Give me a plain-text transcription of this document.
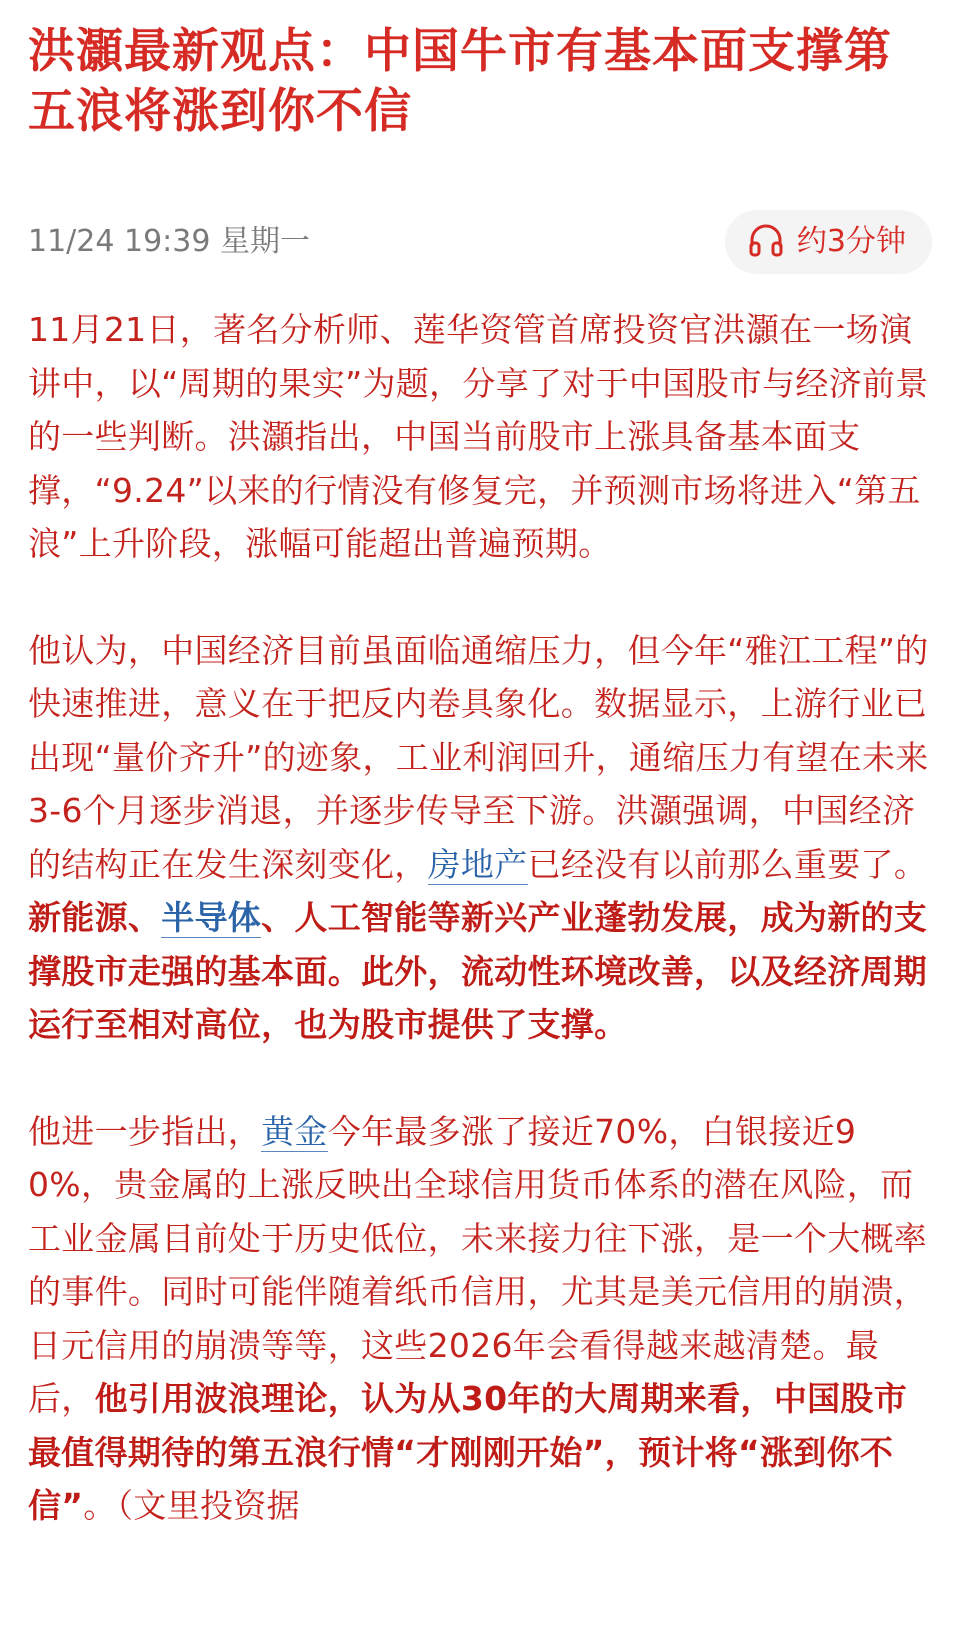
洪灝最新观点：中国牛市有基本面支撑第五浪将涨到你不信
11/24 19:39 星期一	约3分钟

11月21日，著名分析师、莲华资管首席投资官洪灝在一场演讲中，以“周期的果实”为题，分享了对于中国股市与经济前景的一些判断。洪灝指出，中国当前股市上涨具备基本面支撑，“9.24”以来的行情没有修复完，并预测市场将进入“第五浪”上升阶段，涨幅可能超出普遍预期。

他认为，中国经济目前虽面临通缩压力，但今年“雅江工程”的快速推进，意义在于把反内卷具象化。数据显示，上游行业已出现“量价齐升”的迹象，工业利润回升，通缩压力有望在未来3-6个月逐步消退，并逐步传导至下游。洪灝强调，中国经济的结构正在发生深刻变化，房地产已经没有以前那么重要了。新能源、半导体、人工智能等新兴产业蓬勃发展，成为新的支撑股市走强的基本面。此外，流动性环境改善，以及经济周期运行至相对高位，也为股市提供了支撑。

他进一步指出，黄金今年最多涨了接近70%，白银接近90%，贵金属的上涨反映出全球信用货币体系的潜在风险，而工业金属目前处于历史低位，未来接力往下涨，是一个大概率的事件。同时可能伴随着纸币信用，尤其是美元信用的崩溃，日元信用的崩溃等等，这些2026年会看得越来越清楚。最后，他引用波浪理论，认为从30年的大周期来看，中国股市最值得期待的第五浪行情“才刚刚开始”，预计将“涨到你不信”。（文里投资据
